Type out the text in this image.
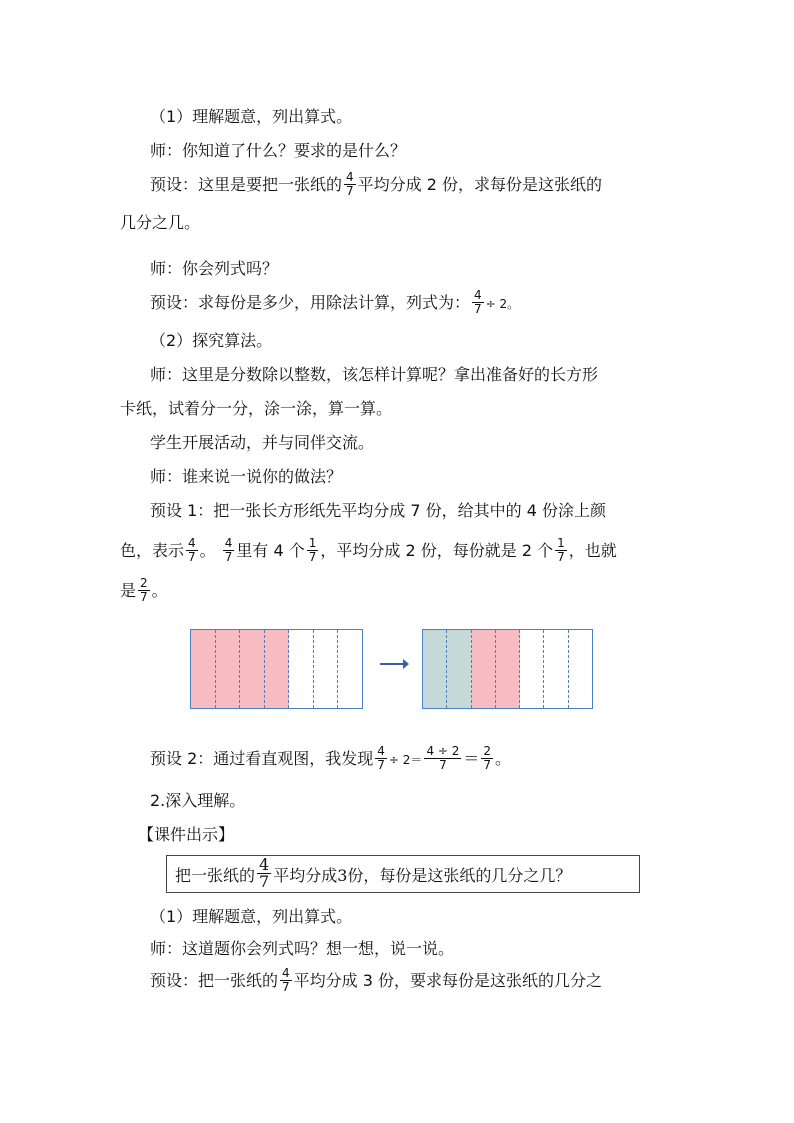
（1）理解题意，列出算式。
师：你知道了什么？要求的是什么？
预设：这里是要把一张纸的 $\frac{4}{7}$ 平均分成 2 份，求每份是这张纸的
几分之几。
师：你会列式吗？
预设：求每份是多少，用除法计算，列式为： $\frac{4}{7} \div 2$。
（2）探究算法。
师：这里是分数除以整数，该怎样计算呢？拿出准备好的长方形
卡纸，试着分一分，涂一涂，算一算。
学生开展活动，并与同伴交流。
师：谁来说一说你的做法？
预设 1：把一张长方形纸先平均分成 7 份，给其中的 4 份涂上颜
色，表示 $\frac{4}{7}$ 。 $\frac{4}{7}$ 里有 4 个 $\frac{1}{7}$ ，平均分成 2 份，每份就是 2 个 $\frac{1}{7}$ ，也就
是 $\frac{2}{7}$ 。
预设 2：通过看直观图，我发现 $\frac{4}{7} \div 2= \frac{4 \div 2}{7} = \frac{2}{7}$ 。
2.深入理解。
【课件出示】
把一张纸的 $\frac{4}{7}$ 平均分成3份，每份是这张纸的几分之几？
（1）理解题意，列出算式。
师：这道题你会列式吗？想一想，说一说。
预设：把一张纸的 $\frac{4}{7}$ 平均分成 3 份，要求每份是这张纸的几分之
